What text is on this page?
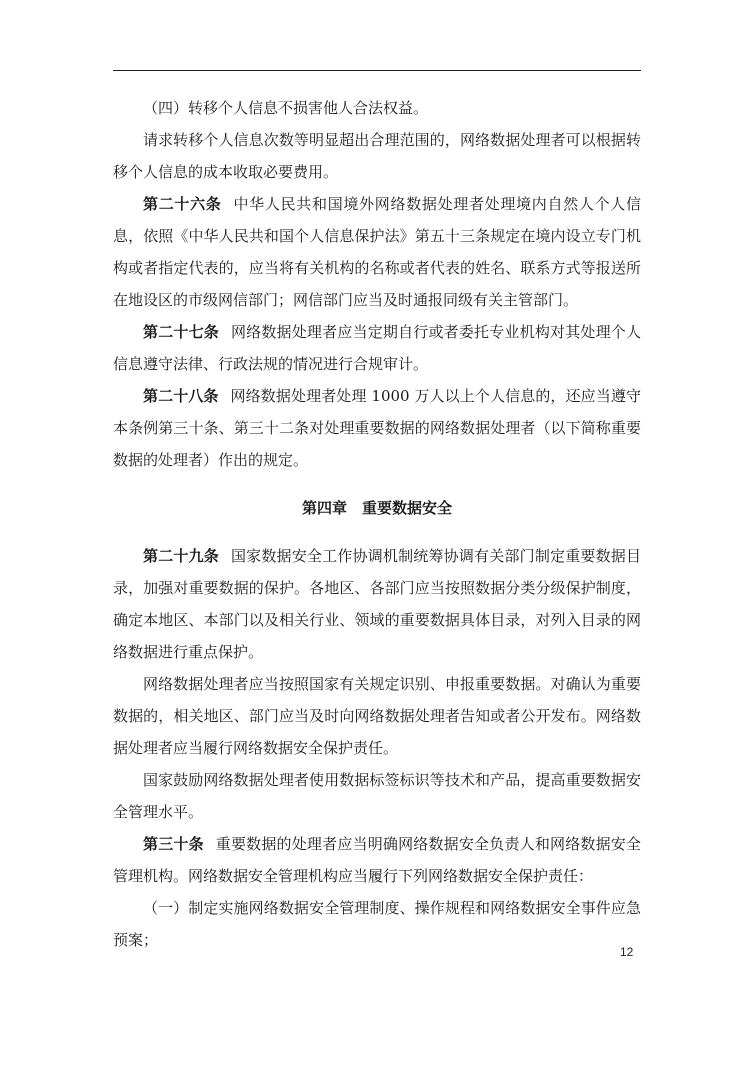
（四）转移个人信息不损害他人合法权益。

请求转移个人信息次数等明显超出合理范围的，网络数据处理者可以根据转移个人信息的成本收取必要费用。

第二十六条 中华人民共和国境外网络数据处理者处理境内自然人个人信息，依照《中华人民共和国个人信息保护法》第五十三条规定在境内设立专门机构或者指定代表的，应当将有关机构的名称或者代表的姓名、联系方式等报送所在地设区的市级网信部门；网信部门应当及时通报同级有关主管部门。

第二十七条 网络数据处理者应当定期自行或者委托专业机构对其处理个人信息遵守法律、行政法规的情况进行合规审计。

第二十八条 网络数据处理者处理 1000 万人以上个人信息的，还应当遵守本条例第三十条、第三十二条对处理重要数据的网络数据处理者（以下简称重要数据的处理者）作出的规定。

第四章　重要数据安全

第二十九条 国家数据安全工作协调机制统筹协调有关部门制定重要数据目录，加强对重要数据的保护。各地区、各部门应当按照数据分类分级保护制度，确定本地区、本部门以及相关行业、领域的重要数据具体目录，对列入目录的网络数据进行重点保护。

网络数据处理者应当按照国家有关规定识别、申报重要数据。对确认为重要数据的，相关地区、部门应当及时向网络数据处理者告知或者公开发布。网络数据处理者应当履行网络数据安全保护责任。

国家鼓励网络数据处理者使用数据标签标识等技术和产品，提高重要数据安全管理水平。

第三十条 重要数据的处理者应当明确网络数据安全负责人和网络数据安全管理机构。网络数据安全管理机构应当履行下列网络数据安全保护责任：

（一）制定实施网络数据安全管理制度、操作规程和网络数据安全事件应急预案；

12
